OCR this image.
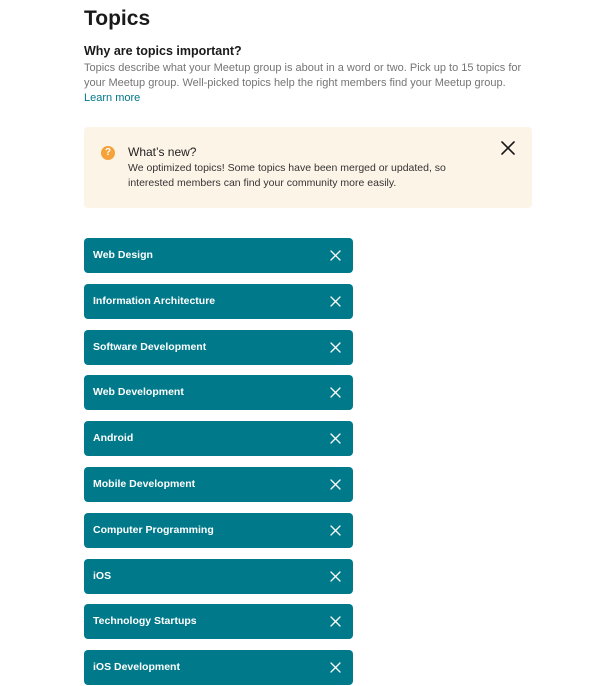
Topics
Why are topics important?

Topics describe what your Meetup group is about in a word or two. Pick up to 15 topics for your Meetup group. Well-picked topics help the right members find your Meetup group.
Learn more

?	What’s new?

We optimized topics! Some topics have been merged or updated, so interested members can find your community more easily.

Web Design
Information Architecture
Software Development
Web Development
Android
Mobile Development
Computer Programming
iOS
Technology Startups
iOS Development
